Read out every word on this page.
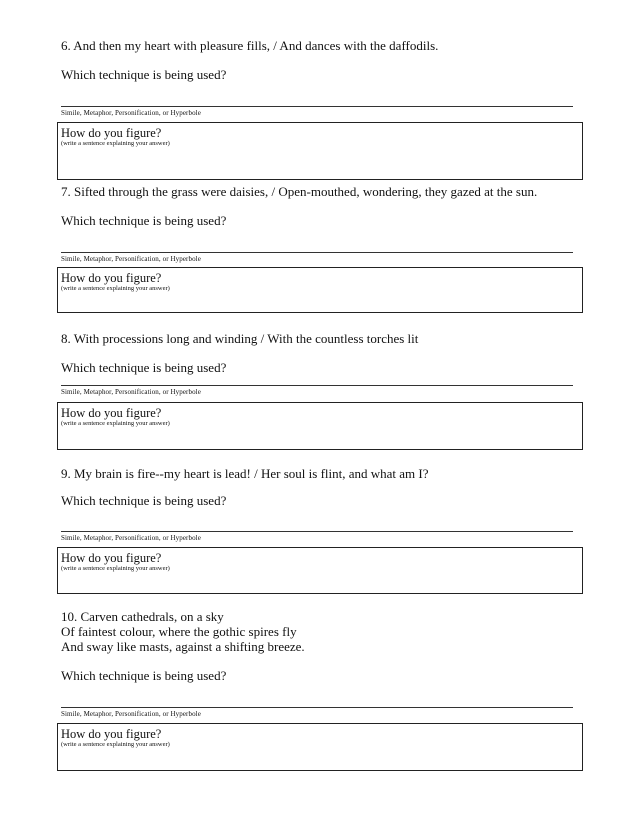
6. And then my heart with pleasure fills, / And dances with the daffodils.

Which technique is being used?

Simile, Metaphor, Personification, or Hyperbole
How do you figure?
(write a sentence explaining your answer)

7. Sifted through the grass were daisies, / Open-mouthed, wondering, they gazed at the sun.

Which technique is being used?

Simile, Metaphor, Personification, or Hyperbole
How do you figure?
(write a sentence explaining your answer)

8. With processions long and winding / With the countless torches lit

Which technique is being used?

Simile, Metaphor, Personification, or Hyperbole
How do you figure?
(write a sentence explaining your answer)

9. My brain is fire--my heart is lead! / Her soul is flint, and what am I?

Which technique is being used?

Simile, Metaphor, Personification, or Hyperbole
How do you figure?
(write a sentence explaining your answer)

10. Carven cathedrals, on a sky
Of faintest colour, where the gothic spires fly
And sway like masts, against a shifting breeze.

Which technique is being used?

Simile, Metaphor, Personification, or Hyperbole
How do you figure?
(write a sentence explaining your answer)
